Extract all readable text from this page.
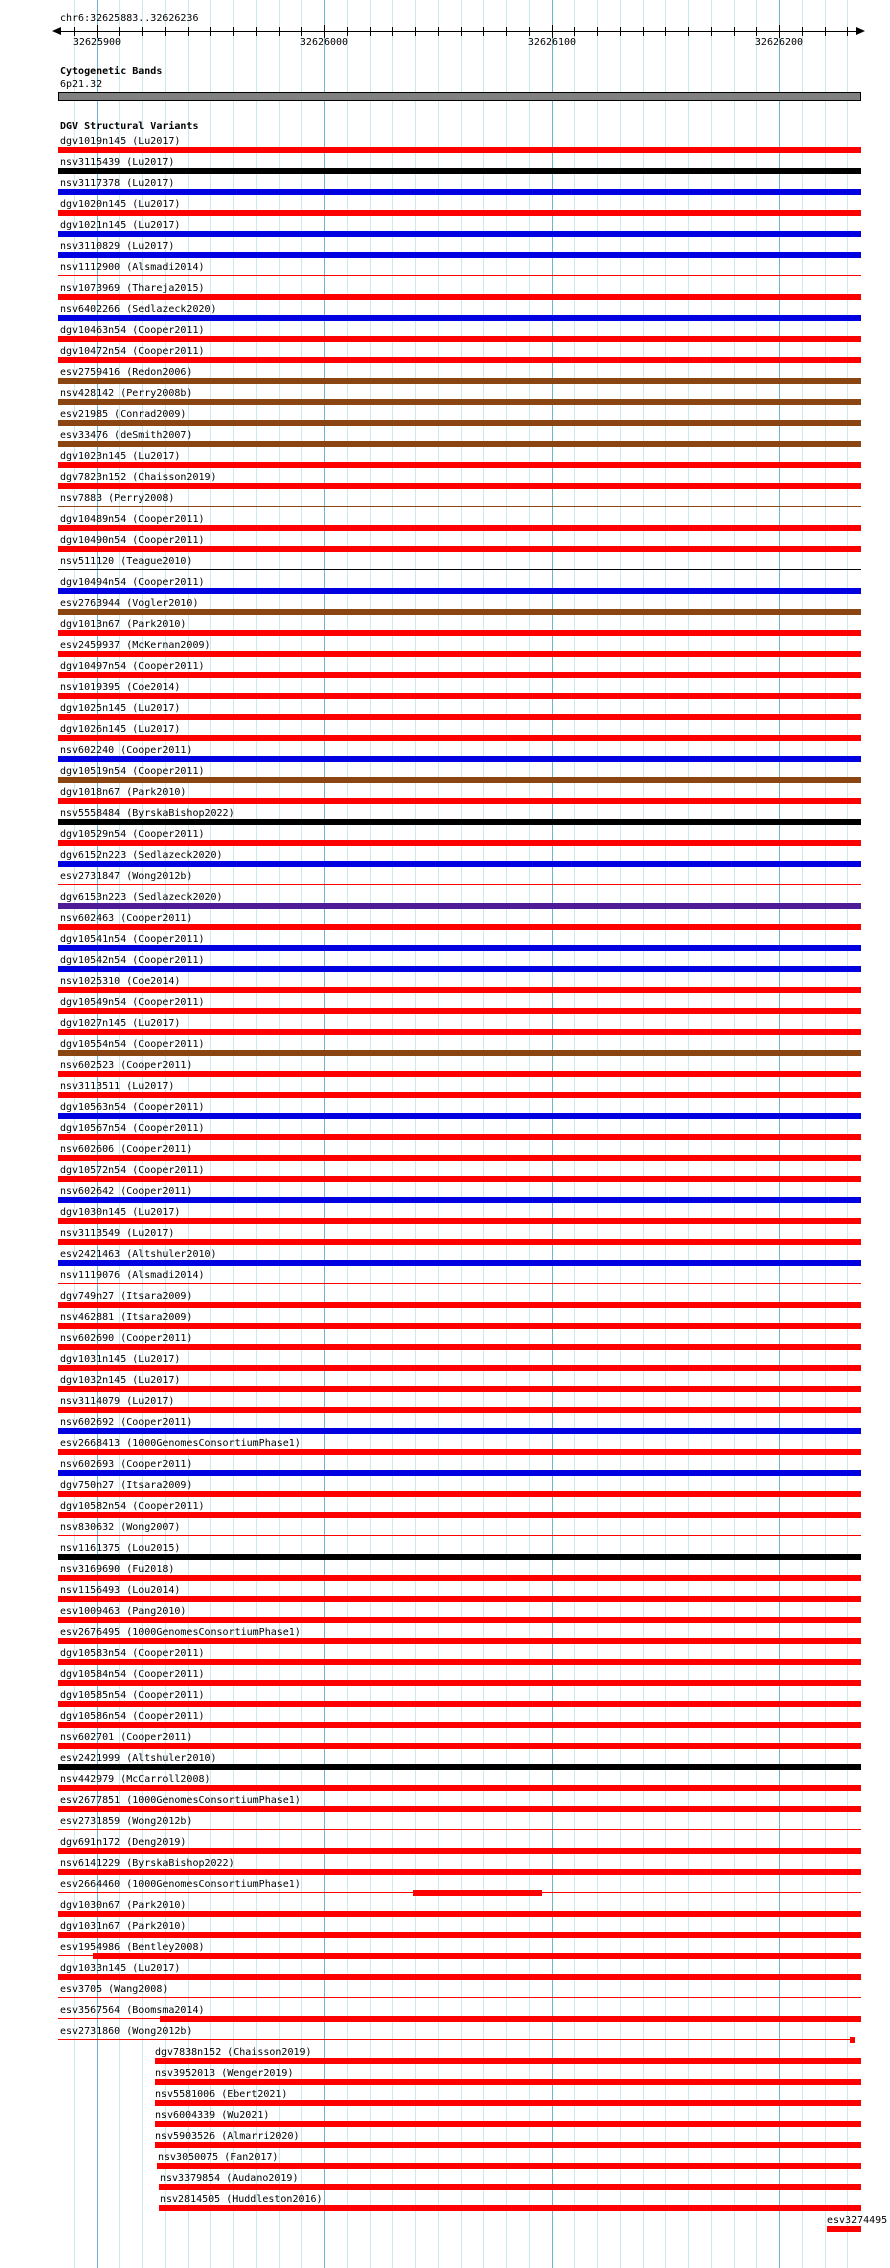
chr6:32625883..32626236
32625900	32626000	32626100	32626200
Cytogenetic Bands
6p21.32
DGV Structural Variants
dgv1019n145 (Lu2017)
nsv3115439 (Lu2017)
nsv3117378 (Lu2017)
dgv1020n145 (Lu2017)
dgv1021n145 (Lu2017)
nsv3110829 (Lu2017)
nsv1112900 (Alsmadi2014)
nsv1073969 (Thareja2015)
nsv6402266 (Sedlazeck2020)
dgv10463n54 (Cooper2011)
dgv10472n54 (Cooper2011)
esv2759416 (Redon2006)
nsv428142 (Perry2008b)
esv21985 (Conrad2009)
esv33476 (deSmith2007)
dgv1023n145 (Lu2017)
dgv7823n152 (Chaisson2019)
nsv7883 (Perry2008)
dgv10489n54 (Cooper2011)
dgv10490n54 (Cooper2011)
nsv511120 (Teague2010)
dgv10494n54 (Cooper2011)
esv2763944 (Vogler2010)
dgv1013n67 (Park2010)
esv2459937 (McKernan2009)
dgv10497n54 (Cooper2011)
nsv1019395 (Coe2014)
dgv1025n145 (Lu2017)
dgv1026n145 (Lu2017)
nsv602240 (Cooper2011)
dgv10519n54 (Cooper2011)
dgv1018n67 (Park2010)
nsv5558484 (ByrskaBishop2022)
dgv10529n54 (Cooper2011)
dgv6152n223 (Sedlazeck2020)
esv2731847 (Wong2012b)
dgv6153n223 (Sedlazeck2020)
nsv602463 (Cooper2011)
dgv10541n54 (Cooper2011)
dgv10542n54 (Cooper2011)
nsv1025310 (Coe2014)
dgv10549n54 (Cooper2011)
dgv1027n145 (Lu2017)
dgv10554n54 (Cooper2011)
nsv602523 (Cooper2011)
nsv3113511 (Lu2017)
dgv10563n54 (Cooper2011)
dgv10567n54 (Cooper2011)
nsv602606 (Cooper2011)
dgv10572n54 (Cooper2011)
nsv602642 (Cooper2011)
dgv1030n145 (Lu2017)
nsv3113549 (Lu2017)
esv2421463 (Altshuler2010)
nsv1119076 (Alsmadi2014)
dgv749n27 (Itsara2009)
nsv462881 (Itsara2009)
nsv602690 (Cooper2011)
dgv1031n145 (Lu2017)
dgv1032n145 (Lu2017)
nsv3114079 (Lu2017)
nsv602692 (Cooper2011)
esv2668413 (1000GenomesConsortiumPhase1)
nsv602693 (Cooper2011)
dgv750n27 (Itsara2009)
dgv10582n54 (Cooper2011)
nsv830632 (Wong2007)
nsv1161375 (Lou2015)
nsv3169690 (Fu2018)
nsv1156493 (Lou2014)
esv1009463 (Pang2010)
esv2676495 (1000GenomesConsortiumPhase1)
dgv10583n54 (Cooper2011)
dgv10584n54 (Cooper2011)
dgv10585n54 (Cooper2011)
dgv10586n54 (Cooper2011)
nsv602701 (Cooper2011)
esv2421999 (Altshuler2010)
nsv442979 (McCarroll2008)
esv2677851 (1000GenomesConsortiumPhase1)
esv2731859 (Wong2012b)
dgv691n172 (Deng2019)
nsv6141229 (ByrskaBishop2022)
esv2664460 (1000GenomesConsortiumPhase1)
dgv1030n67 (Park2010)
dgv1031n67 (Park2010)
esv1954986 (Bentley2008)
dgv1033n145 (Lu2017)
esv3705 (Wang2008)
esv3567564 (Boomsma2014)
esv2731860 (Wong2012b)
dgv7838n152 (Chaisson2019)
nsv3952013 (Wenger2019)
nsv5581006 (Ebert2021)
nsv6004339 (Wu2021)
nsv5903526 (Almarri2020)
nsv3050075 (Fan2017)
nsv3379854 (Audano2019)
nsv2814505 (Huddleston2016)
esv3274495
